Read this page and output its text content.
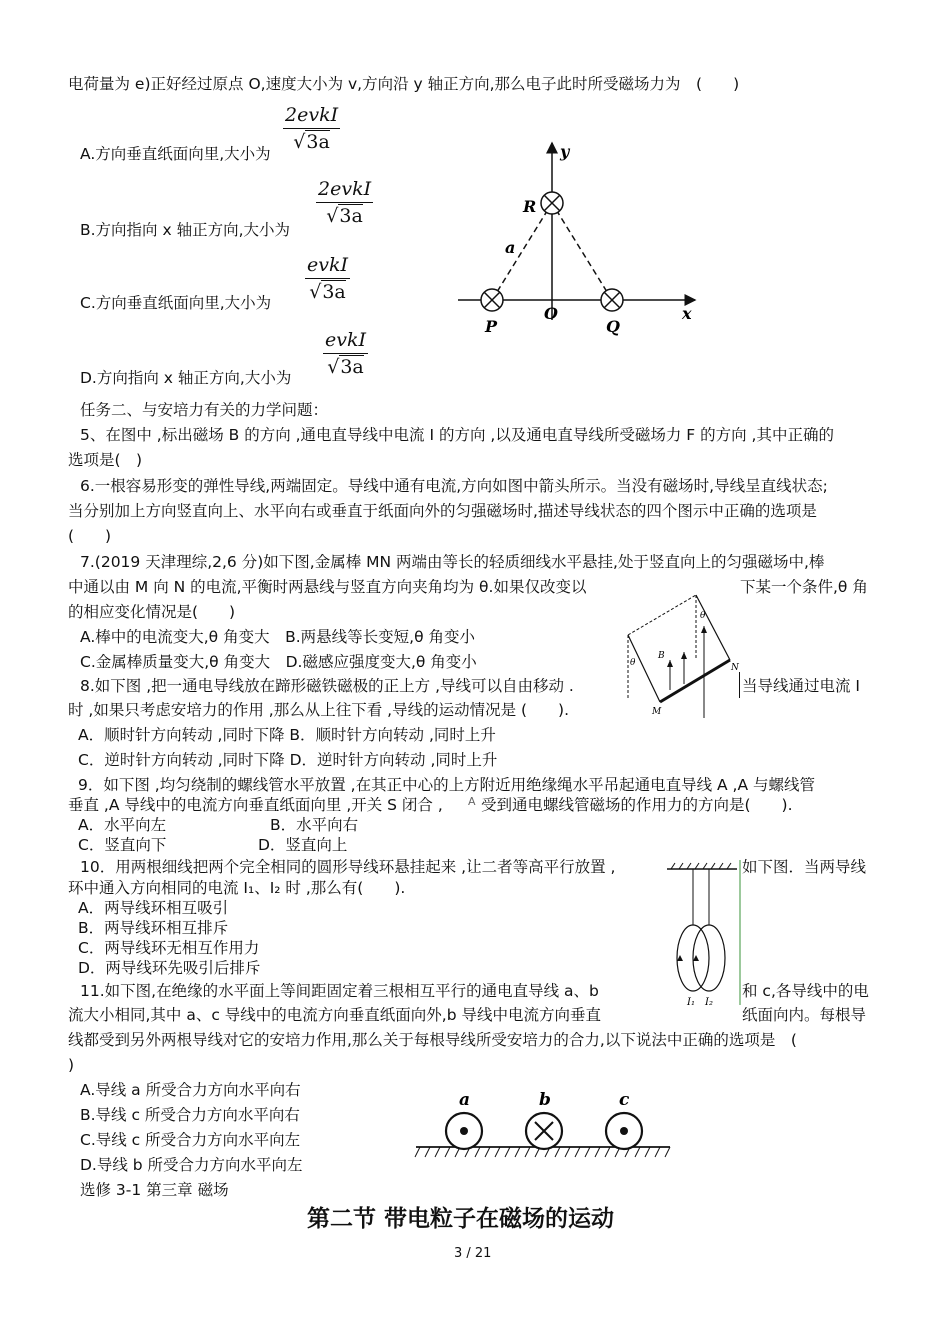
电荷量为 e)正好经过原点 O,速度大小为 v,方向沿 y 轴正方向,那么电子此时所受磁场力为　(　　)
A.方向垂直纸面向里,大小为
2evkI
√3a
B.方向指向 x 轴正方向,大小为
2evkI
√3a
C.方向垂直纸面向里,大小为
evkI
√3a
D.方向指向 x 轴正方向,大小为
evkI
√3a
y
x
R
a
P
O
Q
任务二、与安培力有关的力学问题：
5、在图中 ,标出磁场 B 的方向 ,通电直导线中电流 I 的方向 ,以及通电直导线所受磁场力 F 的方向 ,其中正确的
选项是(　)
6.一根容易形变的弹性导线,两端固定。导线中通有电流,方向如图中箭头所示。当没有磁场时,导线呈直线状态;
当分别加上方向竖直向上、水平向右或垂直于纸面向外的匀强磁场时,描述导线状态的四个图示中正确的选项是
(　　)
7.(2019 天津理综,2,6 分)如下图,金属棒 MN 两端由等长的轻质细线水平悬挂,处于竖直向上的匀强磁场中,棒
中通以由 M 向 N 的电流,平衡时两悬线与竖直方向夹角均为 θ.如果仅改变以	下某一个条件,θ 角
的相应变化情况是(　　)
A.棒中的电流变大,θ 角变大　B.两悬线等长变短,θ 角变小
C.金属棒质量变大,θ 角变大　D.磁感应强度变大,θ 角变小	θ
θ
B
N
M
8.如下图 ,把一通电导线放在蹄形磁铁磁极的正上方 ,导线可以自由移动 .	当导线通过电流 I
时 ,如果只考虑安培力的作用 ,那么从上往下看 ,导线的运动情况是 (　　).
A．顺时针方向转动 ,同时下降 B．顺时针方向转动 ,同时上升
C．逆时针方向转动 ,同时下降 D．逆时针方向转动 ,同时上升
9．如下图 ,均匀绕制的螺线管水平放置 ,在其正中心的上方附近用绝缘绳水平吊起通电直导线 A ,A 与螺线管
垂直 ,A 导线中的电流方向垂直纸面向里 ,开关 S 闭合 , A 受到通电螺线管磁场的作用力的方向是(　　).
A．水平向左	B．水平向右
C．竖直向下	D．竖直向上
10．用两根细线把两个完全相同的圆形导线环悬挂起来 ,让二者等高平行放置 ,	如下图．当两导线
环中通入方向相同的电流 I₁、I₂ 时 ,那么有(　　).
A．两导线环相互吸引
B．两导线环相互排斥
C．两导线环无相互作用力
D．两导线环先吸引后排斥
I₁ I₂
11.如下图,在绝缘的水平面上等间距固定着三根相互平行的通电直导线 a、b	和 c,各导线中的电
流大小相同,其中 a、c 导线中的电流方向垂直纸面向外,b 导线中电流方向垂直	纸面向内。每根导
线都受到另外两根导线对它的安培力作用,那么关于每根导线所受安培力的合力,以下说法中正确的选项是　(
)
A.导线 a 所受合力方向水平向右
B.导线 c 所受合力方向水平向右
C.导线 c 所受合力方向水平向左
D.导线 b 所受合力方向水平向左
a	b	c
选修 3-1 第三章 磁场
第二节 带电粒子在磁场的运动
3 / 21
